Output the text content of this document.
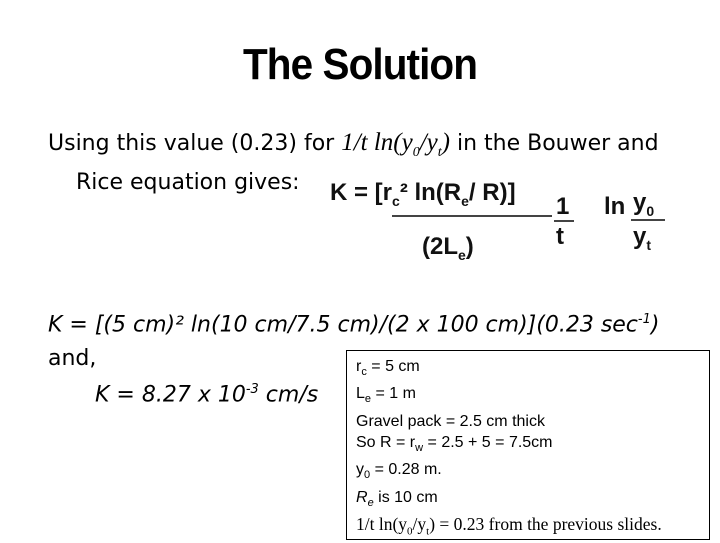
The Solution
Using this value (0.23) for 1/t $\ln(y_0/y_t)$ in the Bouwer and
Rice equation gives:	$K = [r_c^2$ $\ln(R_e/$ R)]
$(2L_e)$
1
t
$\ln y_0$
$y_t$
K = [(5 cm)² ln(10 cm/7.5 cm)/(2 x 100 cm)](0.23 $\sec^{-1}$)
and,
K = 8.27 x $10^{-3}$ cm/s
$r_c = 5$ cm
$L_e = 1$ m
Gravel pack = 2.5 cm thick
So $R = r_w = 2.5 + 5 = 7.5cm$
$y_0 = 0.28$ m.
$R_e$ is 10 cm
1/t $\ln(y_0/y_t) = 0.23$ from the previous slides.
